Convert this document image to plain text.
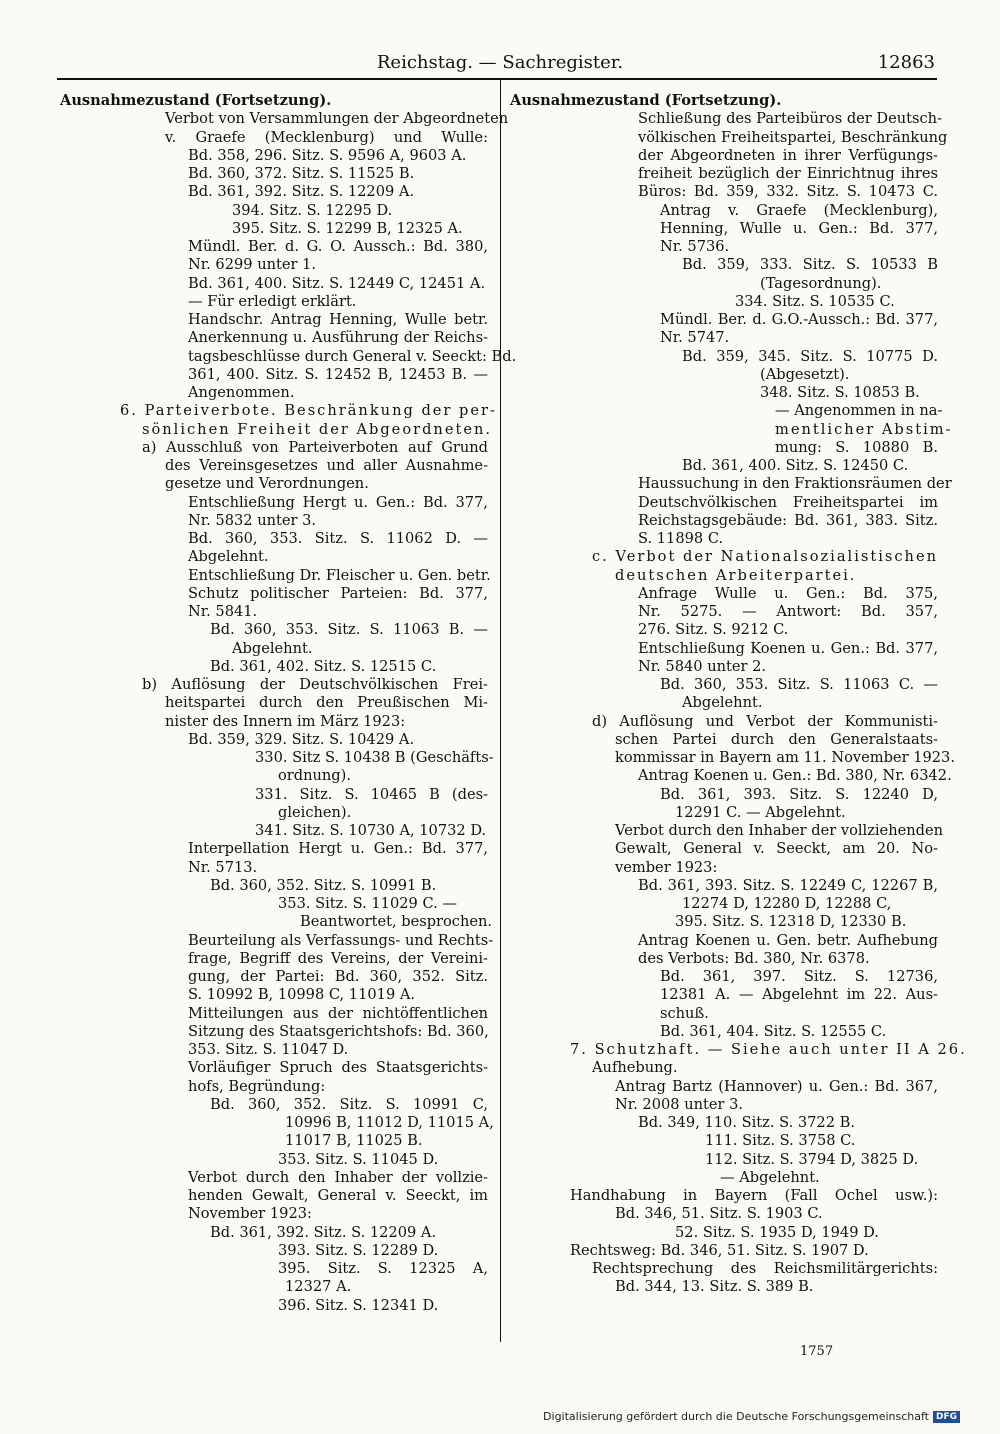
Reichstag. — Sachregister.	12863
Ausnahmezustand (Fortsetzung).
Verbot von Versammlungen der Abgeordneten
v. Graefe (Mecklenburg) und Wulle:
Bd. 358, 296. Sitz. S. 9596 A, 9603 A.
Bd. 360, 372. Sitz. S. 11525 B.
Bd. 361, 392. Sitz. S. 12209 A.
394. Sitz. S. 12295 D.
395. Sitz. S. 12299 B, 12325 A.
Mündl. Ber. d. G. O. Aussch.: Bd. 380,
Nr. 6299 unter 1.
Bd. 361, 400. Sitz. S. 12449 C, 12451 A.
— Für erledigt erklärt.
Handschr. Antrag Henning, Wulle betr.
Anerkennung u. Ausführung der Reichs-
tagsbeschlüsse durch General v. Seeckt: Bd.
361, 400. Sitz. S. 12452 B, 12453 B. —
Angenommen.
6. Parteiverbote. Beschränkung der per-
sönlichen Freiheit der Abgeordneten.
a) Ausschluß von Parteiverboten auf Grund
des Vereinsgesetzes und aller Ausnahme-
gesetze und Verordnungen.
Entschließung Hergt u. Gen.: Bd. 377,
Nr. 5832 unter 3.
Bd. 360, 353. Sitz. S. 11062 D. —
Abgelehnt.
Entschließung Dr. Fleischer u. Gen. betr.
Schutz politischer Parteien: Bd. 377,
Nr. 5841.
Bd. 360, 353. Sitz. S. 11063 B. —
Abgelehnt.
Bd. 361, 402. Sitz. S. 12515 C.
b) Auflösung der Deutschvölkischen Frei-
heitspartei durch den Preußischen Mi-
nister des Innern im März 1923:
Bd. 359, 329. Sitz. S. 10429 A.
330. Sitz S. 10438 B (Geschäfts-
ordnung).
331. Sitz. S. 10465 B (des-
gleichen).
341. Sitz. S. 10730 A, 10732 D.
Interpellation Hergt u. Gen.: Bd. 377,
Nr. 5713.
Bd. 360, 352. Sitz. S. 10991 B.
353. Sitz. S. 11029 C. —
Beantwortet, besprochen.
Beurteilung als Verfassungs- und Rechts-
frage, Begriff des Vereins, der Vereini-
gung, der Partei: Bd. 360, 352. Sitz.
S. 10992 B, 10998 C, 11019 A.
Mitteilungen aus der nichtöffentlichen
Sitzung des Staatsgerichtshofs: Bd. 360,
353. Sitz. S. 11047 D.
Vorläufiger Spruch des Staatsgerichts-
hofs, Begründung:
Bd. 360, 352. Sitz. S. 10991 C,
10996 B, 11012 D, 11015 A,
11017 B, 11025 B.
353. Sitz. S. 11045 D.
Verbot durch den Inhaber der vollzie-
henden Gewalt, General v. Seeckt, im
November 1923:
Bd. 361, 392. Sitz. S. 12209 A.
393. Sitz. S. 12289 D.
395. Sitz. S. 12325 A,
12327 A.
396. Sitz. S. 12341 D.
Ausnahmezustand (Fortsetzung).
Schließung des Parteibüros der Deutsch-
völkischen Freiheitspartei, Beschränkung
der Abgeordneten in ihrer Verfügungs-
freiheit bezüglich der Einrichtnug ihres
Büros: Bd. 359, 332. Sitz. S. 10473 C.
Antrag v. Graefe (Mecklenburg),
Henning, Wulle u. Gen.: Bd. 377,
Nr. 5736.
Bd. 359, 333. Sitz. S. 10533 B
(Tagesordnung).
334. Sitz. S. 10535 C.
Mündl. Ber. d. G.O.-Aussch.: Bd. 377,
Nr. 5747.
Bd. 359, 345. Sitz. S. 10775 D.
(Abgesetzt).
348. Sitz. S. 10853 B.
— Angenommen in na-
mentlicher Abstim-
mung: S. 10880 B.
Bd. 361, 400. Sitz. S. 12450 C.
Haussuchung in den Fraktionsräumen der
Deutschvölkischen Freiheitspartei im
Reichstagsgebäude: Bd. 361, 383. Sitz.
S. 11898 C.
c. Verbot der Nationalsozialistischen
deutschen Arbeiterpartei.
Anfrage Wulle u. Gen.: Bd. 375,
Nr. 5275. — Antwort: Bd. 357,
276. Sitz. S. 9212 C.
Entschließung Koenen u. Gen.: Bd. 377,
Nr. 5840 unter 2.
Bd. 360, 353. Sitz. S. 11063 C. —
Abgelehnt.
d) Auflösung und Verbot der Kommunisti-
schen Partei durch den Generalstaats-
kommissar in Bayern am 11. November 1923.
Antrag Koenen u. Gen.: Bd. 380, Nr. 6342.
Bd. 361, 393. Sitz. S. 12240 D,
12291 C. — Abgelehnt.
Verbot durch den Inhaber der vollziehenden
Gewalt, General v. Seeckt, am 20. No-
vember 1923:
Bd. 361, 393. Sitz. S. 12249 C, 12267 B,
12274 D, 12280 D, 12288 C,
395. Sitz. S. 12318 D, 12330 B.
Antrag Koenen u. Gen. betr. Aufhebung
des Verbots: Bd. 380, Nr. 6378.
Bd. 361, 397. Sitz. S. 12736,
12381 A. — Abgelehnt im 22. Aus-
schuß.
Bd. 361, 404. Sitz. S. 12555 C.
7. Schutzhaft. — Siehe auch unter II A 26.
Aufhebung.
Antrag Bartz (Hannover) u. Gen.: Bd. 367,
Nr. 2008 unter 3.
Bd. 349, 110. Sitz. S. 3722 B.
111. Sitz. S. 3758 C.
112. Sitz. S. 3794 D, 3825 D.
— Abgelehnt.
Handhabung in Bayern (Fall Ochel usw.):
Bd. 346, 51. Sitz. S. 1903 C.
52. Sitz. S. 1935 D, 1949 D.
Rechtsweg: Bd. 346, 51. Sitz. S. 1907 D.
Rechtsprechung des Reichsmilitärgerichts:
Bd. 344, 13. Sitz. S. 389 B.
1757
Digitalisierung gefördert durch die Deutsche Forschungsgemeinschaft DFG
